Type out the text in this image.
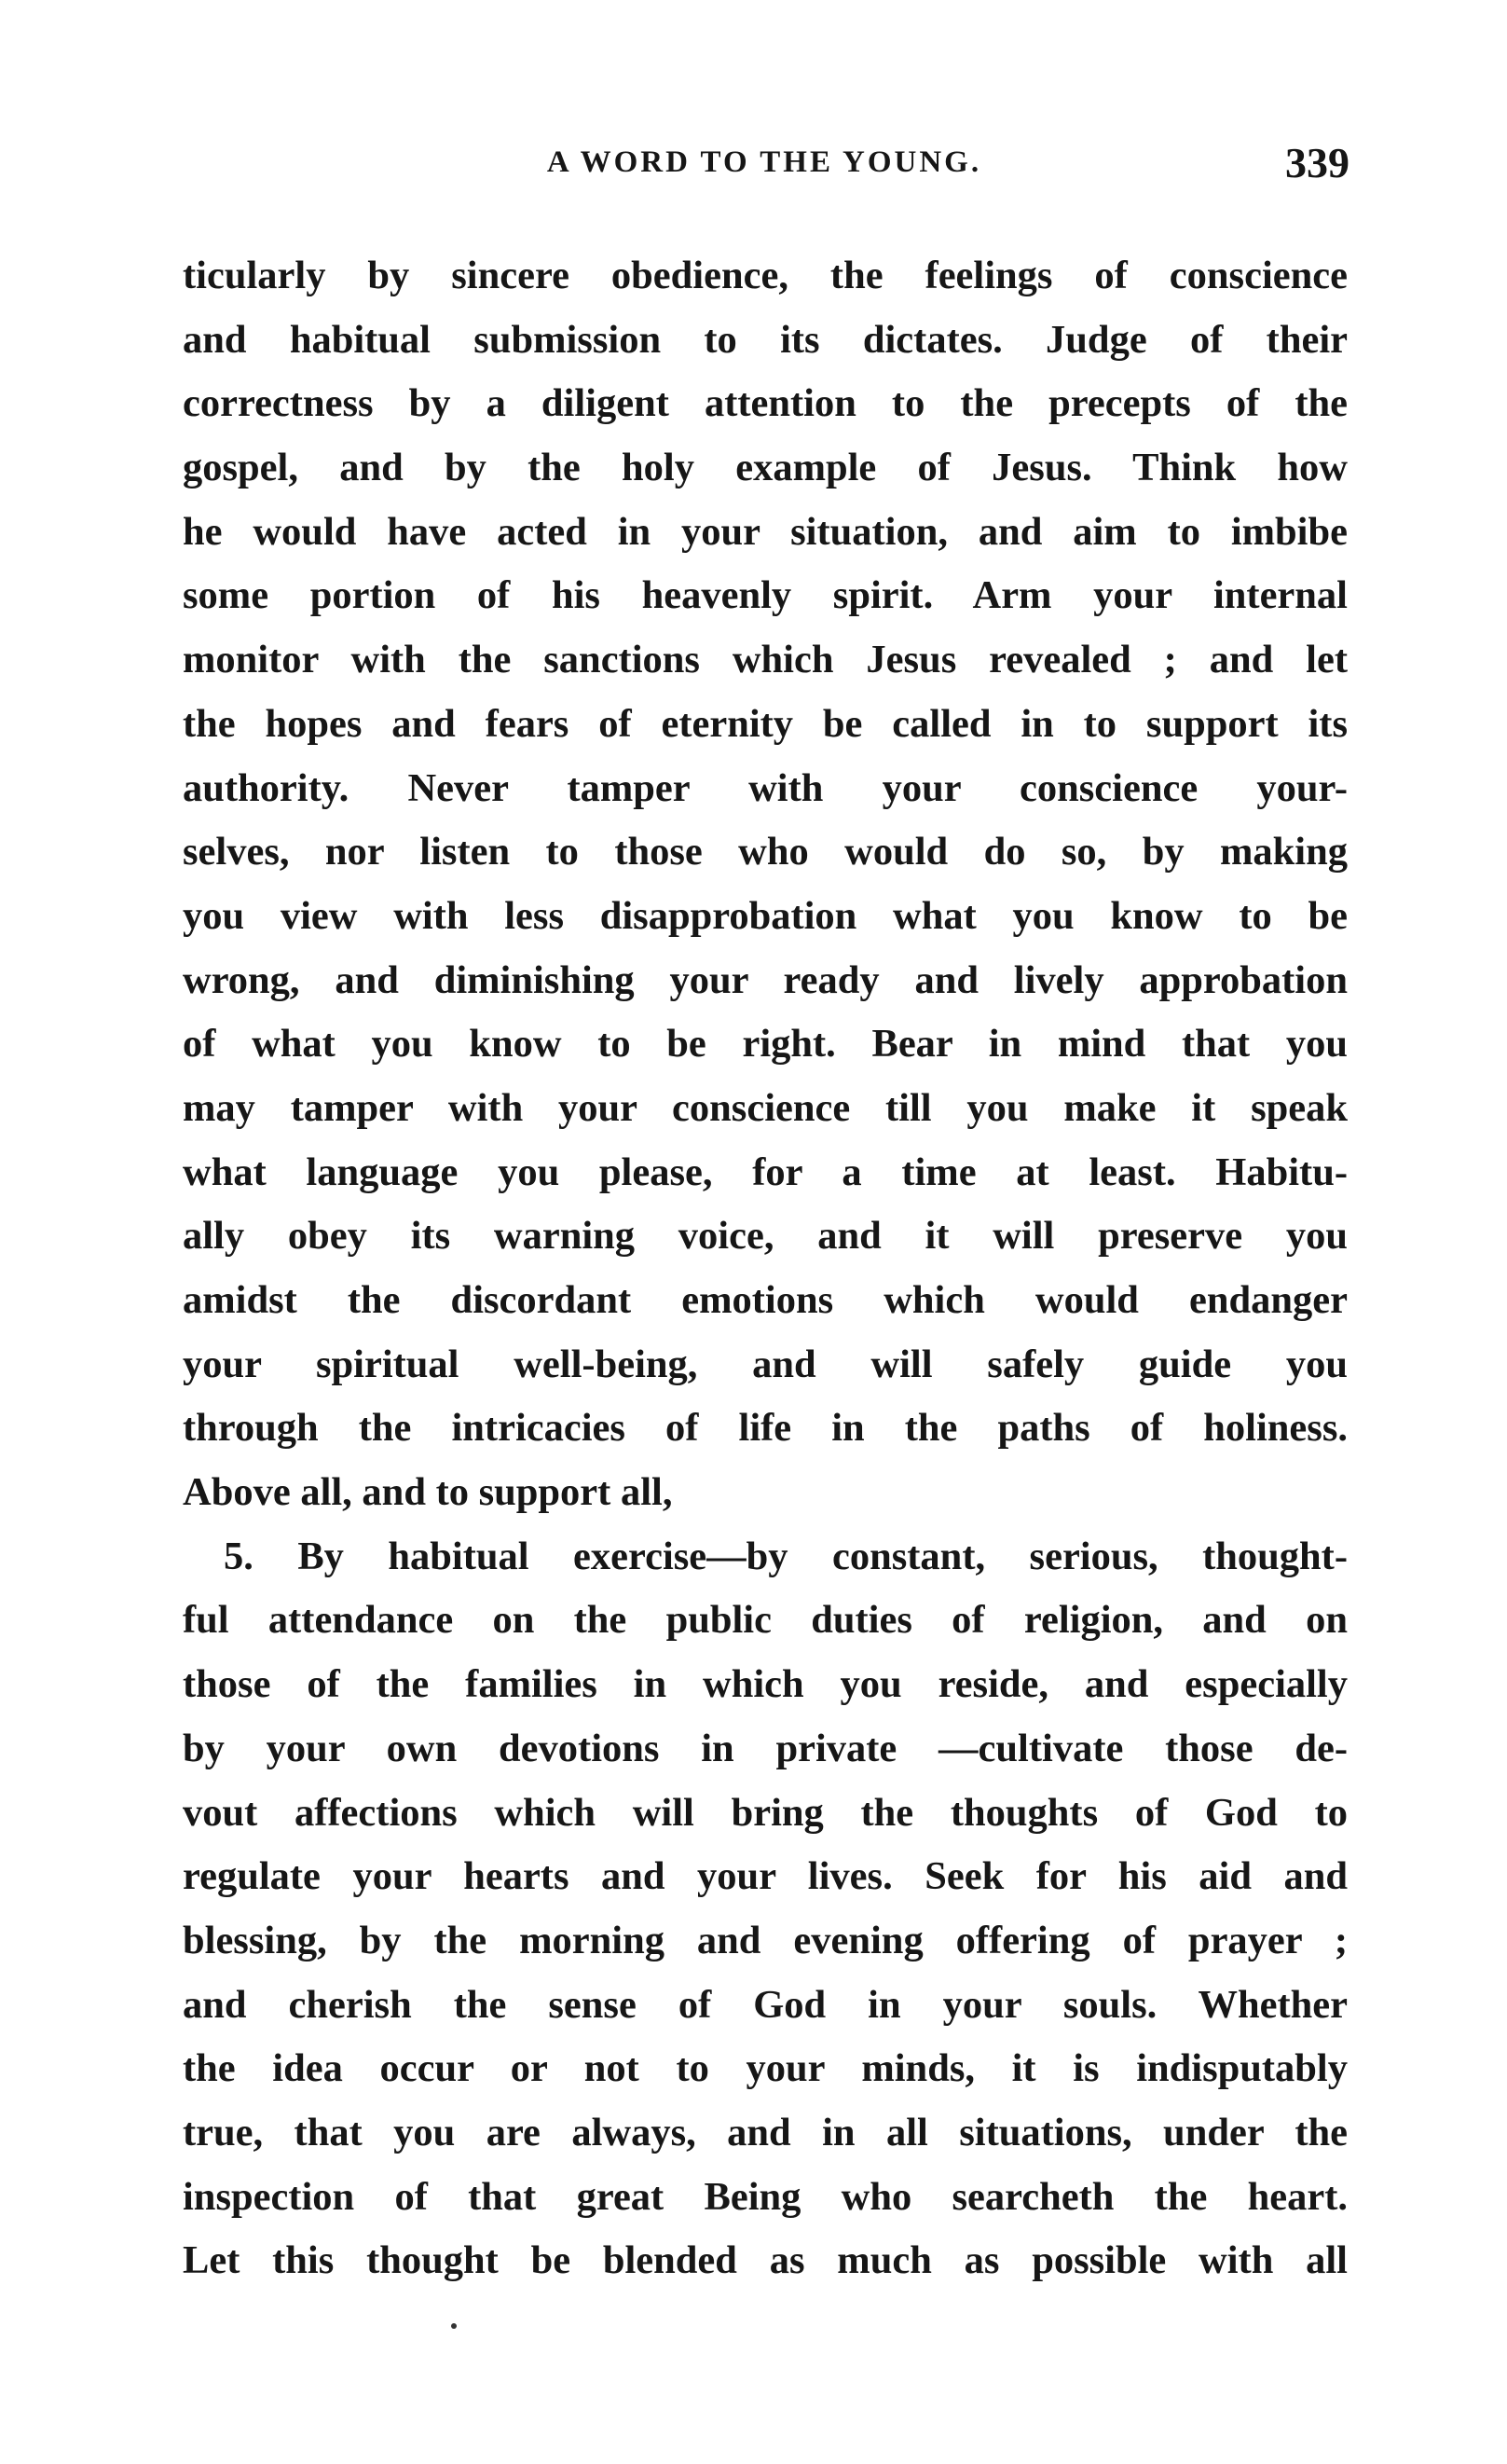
A WORD TO THE YOUNG.	339
ticularly by sincere obedience, the feelings of conscience
and habitual submission to its dictates. Judge of their
correctness by a diligent attention to the precepts of the
gospel, and by the holy example of Jesus. Think how
he would have acted in your situation, and aim to imbibe
some portion of his heavenly spirit. Arm your internal
monitor with the sanctions which Jesus revealed ; and let
the hopes and fears of eternity be called in to support its
authority. Never tamper with your conscience your-
selves, nor listen to those who would do so, by making
you view with less disapprobation what you know to be
wrong, and diminishing your ready and lively approbation
of what you know to be right. Bear in mind that you
may tamper with your conscience till you make it speak
what language you please, for a time at least. Habitu-
ally obey its warning voice, and it will preserve you
amidst the discordant emotions which would endanger
your spiritual well-being, and will safely guide you
through the intricacies of life in the paths of holiness.
Above all, and to support all,
5. By habitual exercise—by constant, serious, thought-
ful attendance on the public duties of religion, and on
those of the families in which you reside, and especially
by your own devotions in private —cultivate those de-
vout affections which will bring the thoughts of God to
regulate your hearts and your lives. Seek for his aid and
blessing, by the morning and evening offering of prayer ;
and cherish the sense of God in your souls. Whether
the idea occur or not to your minds, it is indisputably
true, that you are always, and in all situations, under the
inspection of that great Being who searcheth the heart.
Let this thought be blended as much as possible with all
